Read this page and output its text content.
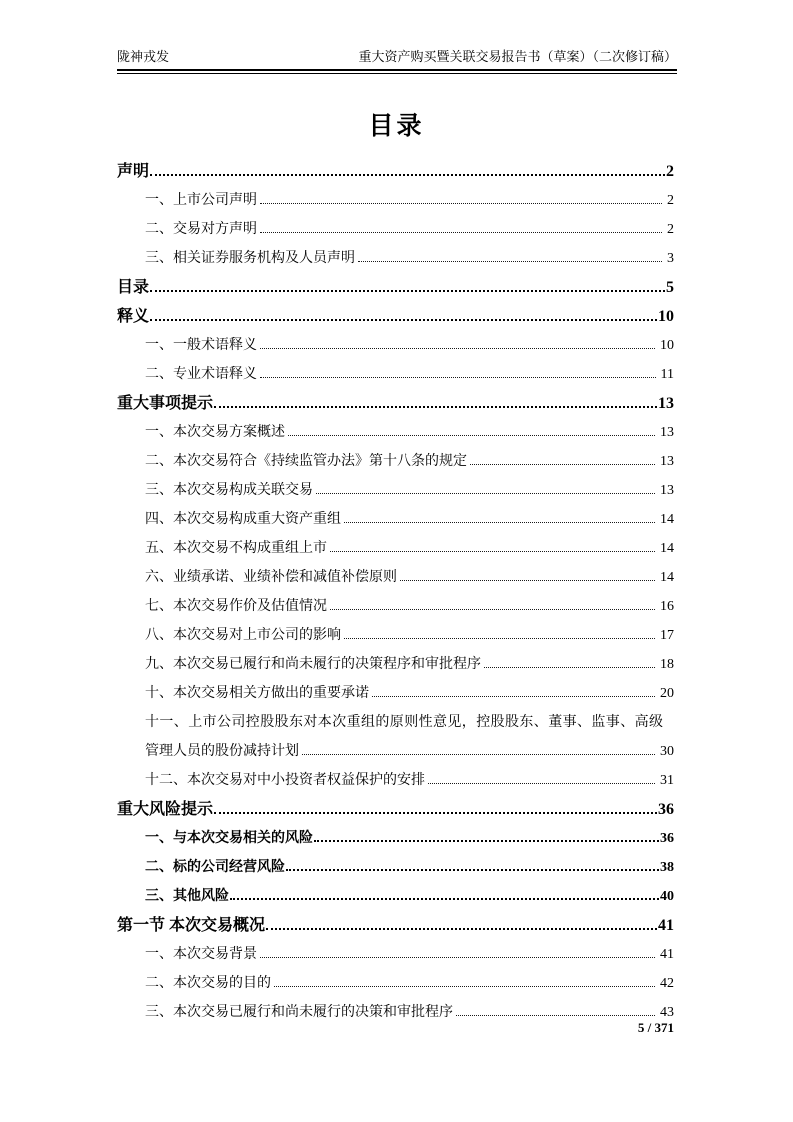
陇神戎发	重大资产购买暨关联交易报告书（草案）（二次修订稿）
目录
声明	2
一、上市公司声明	2
二、交易对方声明	2
三、相关证券服务机构及人员声明	3
目录	5
释义	10
一、一般术语释义	10
二、专业术语释义	11
重大事项提示	13
一、本次交易方案概述	13
二、本次交易符合《持续监管办法》第十八条的规定	13
三、本次交易构成关联交易	13
四、本次交易构成重大资产重组	14
五、本次交易不构成重组上市	14
六、业绩承诺、业绩补偿和减值补偿原则	14
七、本次交易作价及估值情况	16
八、本次交易对上市公司的影响	17
九、本次交易已履行和尚未履行的决策程序和审批程序	18
十、本次交易相关方做出的重要承诺	20
十一、上市公司控股股东对本次重组的原则性意见，控股股东、董事、监事、高级
管理人员的股份减持计划	30
十二、本次交易对中小投资者权益保护的安排	31
重大风险提示	36
一、与本次交易相关的风险	36
二、标的公司经营风险	38
三、其他风险	40
第一节 本次交易概况	41
一、本次交易背景	41
二、本次交易的目的	42
三、本次交易已履行和尚未履行的决策和审批程序	43
5 / 371
